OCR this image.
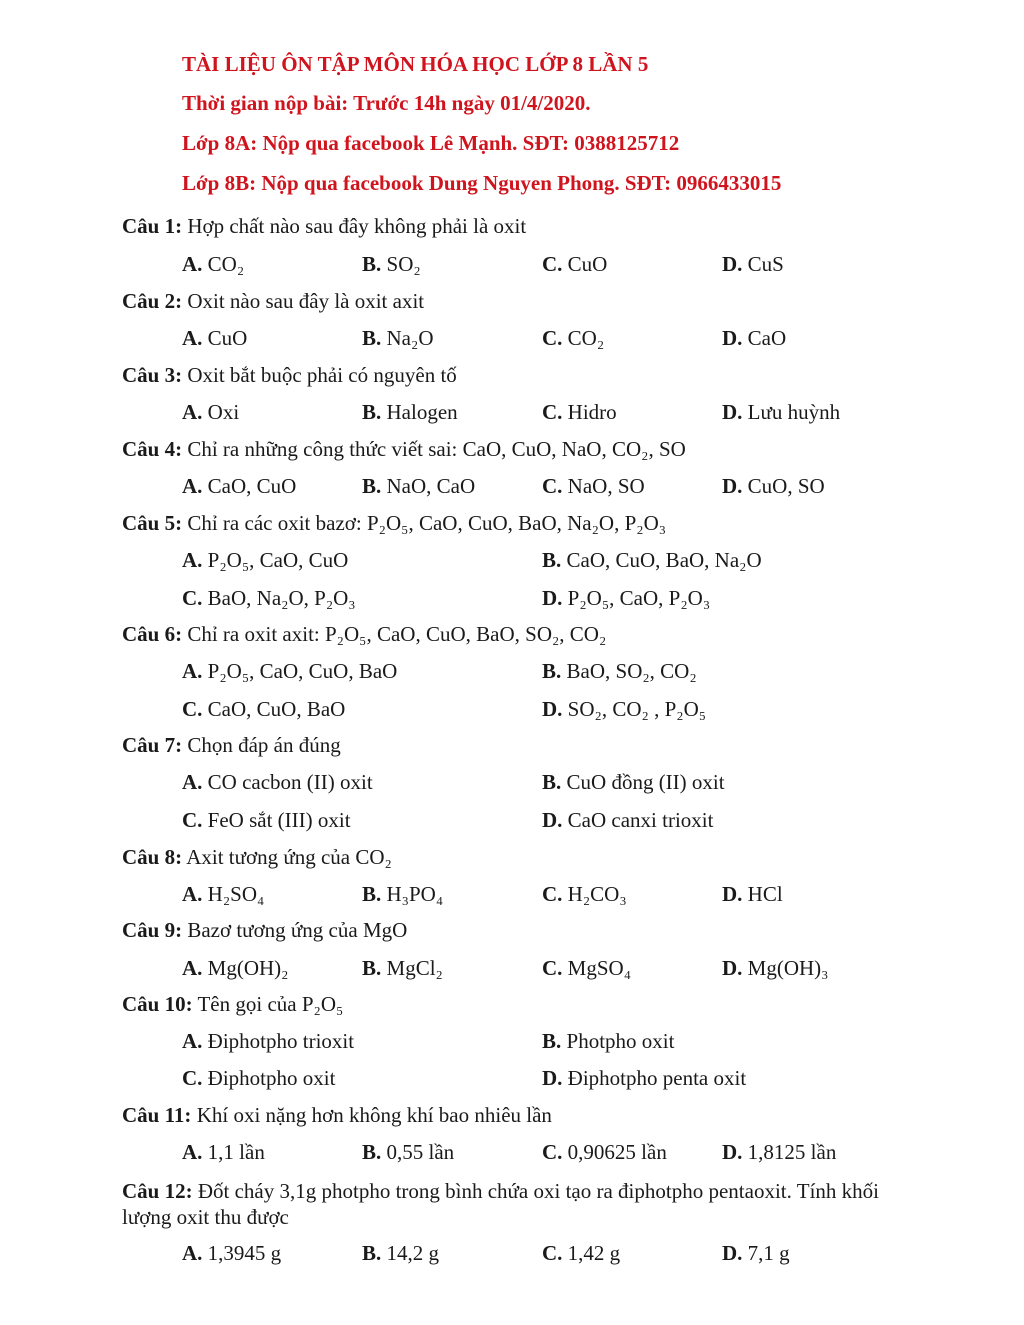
TÀI LIỆU ÔN TẬP MÔN HÓA HỌC LỚP 8 LẦN 5
Thời gian nộp bài: Trước 14h ngày 01/4/2020.
Lớp 8A: Nộp qua facebook Lê Mạnh. SĐT: 0388125712
Lớp 8B: Nộp qua facebook Dung Nguyen Phong. SĐT: 0966433015
Câu 1: Hợp chất nào sau đây không phải là oxit
A. CO₂	B. SO₂	C. CuO	D. CuS
Câu 2: Oxit nào sau đây là oxit axit
A. CuO	B. Na₂O	C. CO₂	D. CaO
Câu 3: Oxit bắt buộc phải có nguyên tố
A. Oxi	B. Halogen	C. Hidro	D. Lưu huỳnh
Câu 4: Chỉ ra những công thức viết sai: CaO, CuO, NaO, CO₂, SO
A. CaO, CuO	B. NaO, CaO	C. NaO, SO	D. CuO, SO
Câu 5: Chỉ ra các oxit bazơ: P₂O₅, CaO, CuO, BaO, Na₂O, P₂O₃
A. P₂O₅, CaO, CuO	B. CaO, CuO, BaO, Na₂O
C. BaO, Na₂O, P₂O₃	D. P₂O₅, CaO, P₂O₃
Câu 6: Chỉ ra oxit axit: P₂O₅, CaO, CuO, BaO, SO₂, CO₂
A. P₂O₅, CaO, CuO, BaO	B. BaO, SO₂, CO₂
C. CaO, CuO, BaO	D. SO₂, CO₂ , P₂O₅
Câu 7: Chọn đáp án đúng
A. CO cacbon (II) oxit	B. CuO đồng (II) oxit
C. FeO sắt (III) oxit	D. CaO canxi trioxit
Câu 8: Axit tương ứng của CO₂
A. H₂SO₄	B. H₃PO₄	C. H₂CO₃	D. HCl
Câu 9: Bazơ tương ứng của MgO
A. Mg(OH)₂	B. MgCl₂	C. MgSO₄	D. Mg(OH)₃
Câu 10: Tên gọi của P₂O₅
A. Điphotpho trioxit	B. Photpho oxit
C. Điphotpho oxit	D. Điphotpho penta oxit
Câu 11: Khí oxi nặng hơn không khí bao nhiêu lần
A. 1,1 lần	B. 0,55 lần	C. 0,90625 lần	D. 1,8125 lần
Câu 12: Đốt cháy 3,1g photpho trong bình chứa oxi tạo ra điphotpho pentaoxit. Tính khối lượng oxit thu được
A. 1,3945 g	B. 14,2 g	C. 1,42 g	D. 7,1 g
